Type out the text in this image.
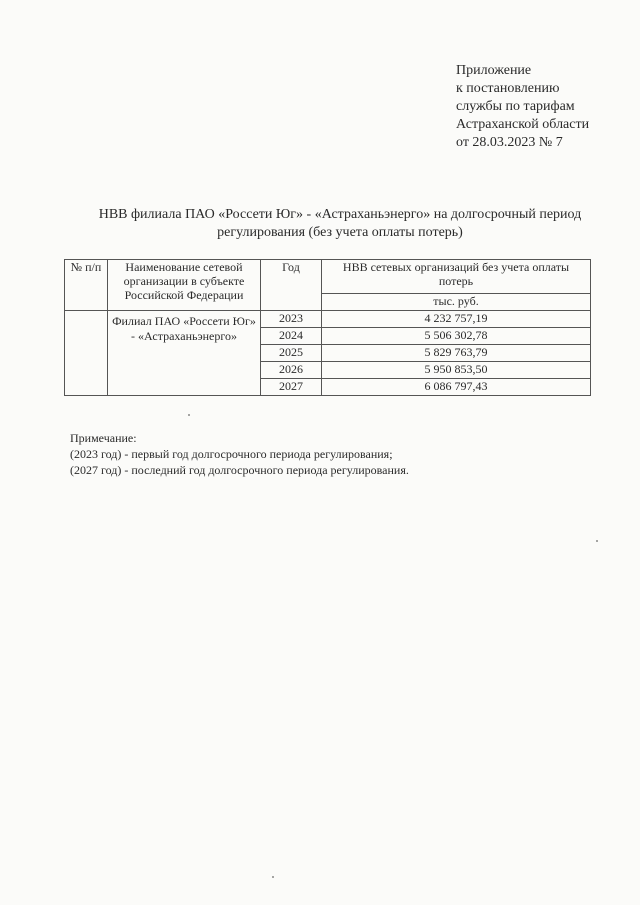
Приложение
к постановлению
службы по тарифам
Астраханской области
от 28.03.2023 № 7
НВВ филиала ПАО «Россети Юг» - «Астраханьэнерго» на долгосрочный период
регулирования (без учета оплаты потерь)
№ п/п	Наименование сетевой организации в субъекте Российской Федерации	Год	НВВ сетевых организаций без учета оплаты потерь
			тыс. руб.
	Филиал ПАО «Россети Юг» - «Астраханьэнерго»	2023	4 232 757,19
		2024	5 506 302,78
		2025	5 829 763,79
		2026	5 950 853,50
		2027	6 086 797,43
Примечание:
(2023 год) - первый год долгосрочного периода регулирования;
(2027 год) - последний год долгосрочного периода регулирования.
